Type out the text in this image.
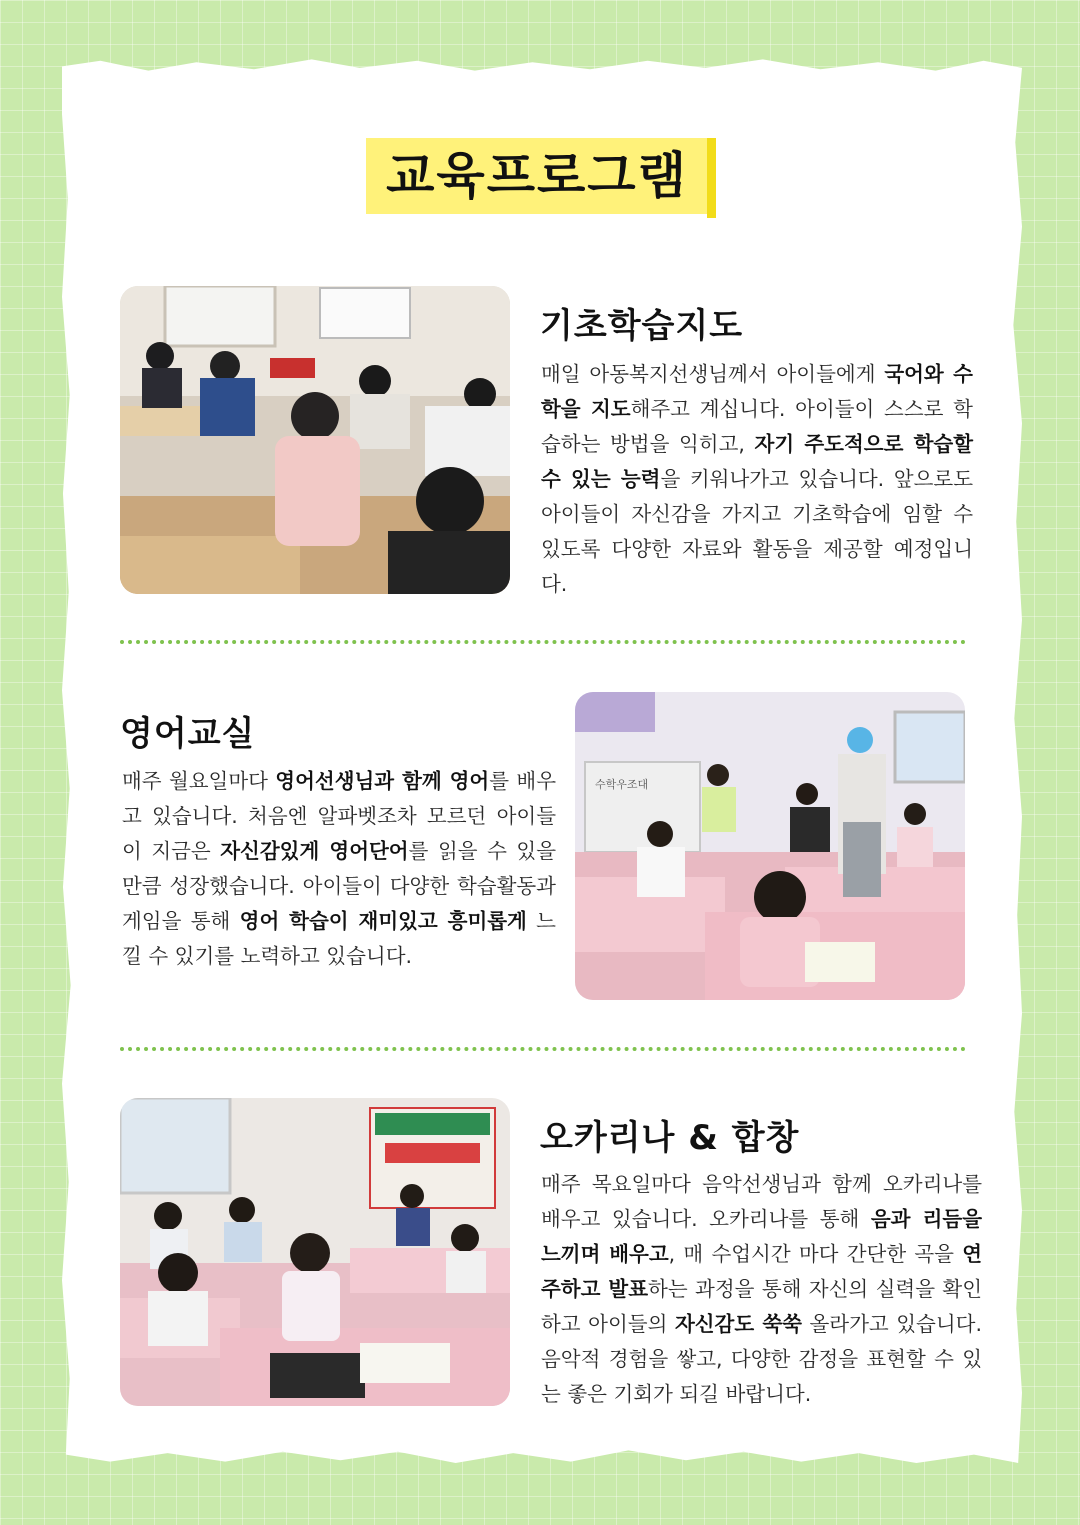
교육프로그램
기초학습지도
매일 아동복지선생님께서 아이들에게 국어와 수학을 지도해주고 계십니다. 아이들이 스스로 학습하는 방법을 익히고, 자기 주도적으로 학습할 수 있는 능력을 키워나가고 있습니다. 앞으로도 아이들이 자신감을 가지고 기초학습에 임할 수 있도록 다양한 자료와 활동을 제공할 예정입니다.
영어교실
매주 월요일마다 영어선생님과 함께 영어를 배우고 있습니다. 처음엔 알파벳조차 모르던 아이들이 지금은 자신감있게 영어단어를 읽을 수 있을만큼 성장했습니다. 아이들이 다양한 학습활동과 게임을 통해 영어 학습이 재미있고 흥미롭게 느낄 수 있기를 노력하고 있습니다.
수학우조대
오카리나 & 합창
매주 목요일마다 음악선생님과 함께 오카리나를 배우고 있습니다. 오카리나를 통해 음과 리듬을 느끼며 배우고, 매 수업시간 마다 간단한 곡을 연주하고 발표하는 과정을 통해 자신의 실력을 확인하고 아이들의 자신감도 쑥쑥 올라가고 있습니다. 음악적 경험을 쌓고, 다양한 감정을 표현할 수 있는 좋은 기회가 되길 바랍니다.
